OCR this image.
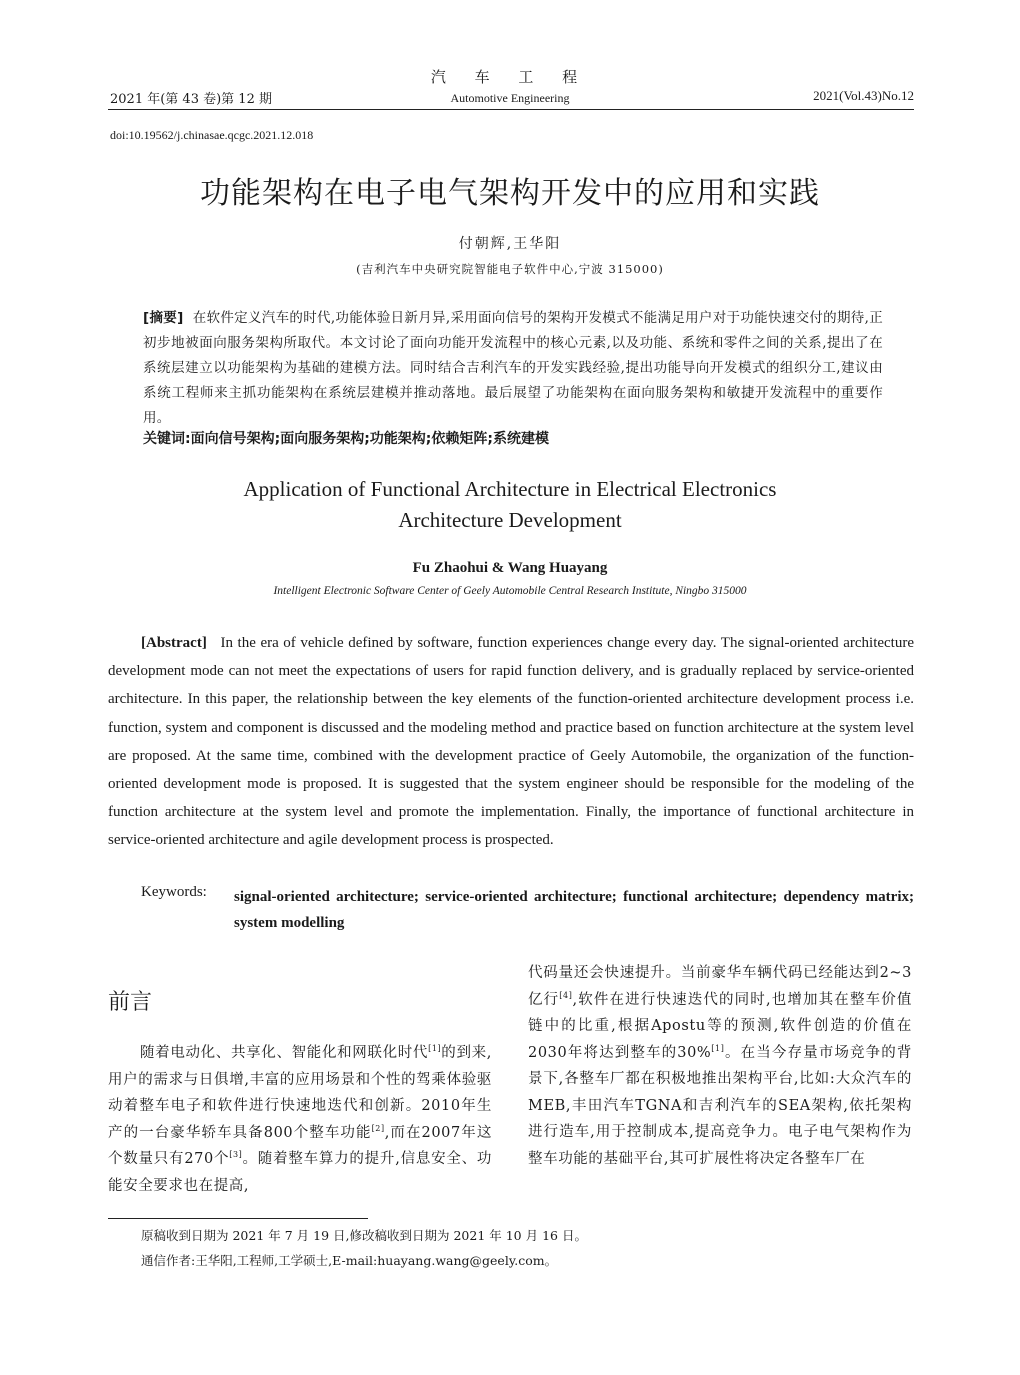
汽 车 工 程
2021 年(第 43 卷)第 12 期	Automotive Engineering	2021(Vol.43)No.12
doi:10.19562/j.chinasae.qcgc.2021.12.018
功能架构在电子电气架构开发中的应用和实践
付朝辉,王华阳
(吉利汽车中央研究院智能电子软件中心,宁波 315000)
[摘要] 在软件定义汽车的时代,功能体验日新月异,采用面向信号的架构开发模式不能满足用户对于功能快速交付的期待,正初步地被面向服务架构所取代。本文讨论了面向功能开发流程中的核心元素,以及功能、系统和零件之间的关系,提出了在系统层建立以功能架构为基础的建模方法。同时结合吉利汽车的开发实践经验,提出功能导向开发模式的组织分工,建议由系统工程师来主抓功能架构在系统层建模并推动落地。最后展望了功能架构在面向服务架构和敏捷开发流程中的重要作用。
关键词:面向信号架构;面向服务架构;功能架构;依赖矩阵;系统建模
Application of Functional Architecture in Electrical Electronics
Architecture Development
Fu Zhaohui & Wang Huayang
Intelligent Electronic Software Center of Geely Automobile Central Research Institute, Ningbo 315000
[Abstract] In the era of vehicle defined by software, function experiences change every day. The signal-oriented architecture development mode can not meet the expectations of users for rapid function delivery, and is gradually replaced by service-oriented architecture. In this paper, the relationship between the key elements of the function-oriented architecture development process i.e. function, system and component is discussed and the modeling method and practice based on function architecture at the system level are proposed. At the same time, combined with the development practice of Geely Automobile, the organization of the function-oriented development mode is proposed. It is suggested that the system engineer should be responsible for the modeling of the function architecture at the system level and promote the implementation. Finally, the importance of functional architecture in service-oriented architecture and agile development process is prospected.
Keywords: signal-oriented architecture; service-oriented architecture; functional architecture; dependency matrix; system modelling
前言
随着电动化、共享化、智能化和网联化时代[1]的到来,用户的需求与日俱增,丰富的应用场景和个性的驾乘体验驱动着整车电子和软件进行快速地迭代和创新。2010年生产的一台豪华轿车具备800个整车功能[2],而在2007年这个数量只有270个[3]。随着整车算力的提升,信息安全、功能安全要求也在提高,
代码量还会快速提升。当前豪华车辆代码已经能达到2~3亿行[4],软件在进行快速迭代的同时,也增加其在整车价值链中的比重,根据Apostu等的预测,软件创造的价值在2030年将达到整车的30%[1]。在当今存量市场竞争的背景下,各整车厂都在积极地推出架构平台,比如:大众汽车的MEB,丰田汽车TGNA和吉利汽车的SEA架构,依托架构进行造车,用于控制成本,提高竞争力。电子电气架构作为整车功能的基础平台,其可扩展性将决定各整车厂在
原稿收到日期为 2021 年 7 月 19 日,修改稿收到日期为 2021 年 10 月 16 日。
通信作者:王华阳,工程师,工学硕士,E-mail:huayang.wang@geely.com。
